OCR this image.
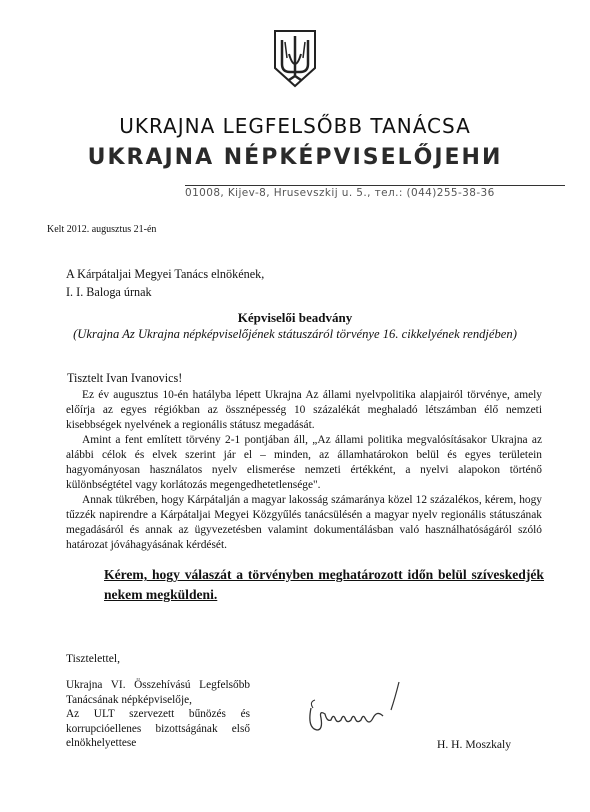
UKRAJNA LEGFELSŐBB TANÁCSA
UKRAJNA NÉPKÉPVISELŐJEHИ
01008, Kijev-8, Hrusevszkij u. 5., тел.: (044)255-38-36
Kelt 2012. augusztus 21-én
A Kárpátaljai Megyei Tanács elnökének,
I. I. Baloga úrnak
Képviselői beadvány
(Ukrajna Az Ukrajna népképviselőjének státuszáról törvénye 16. cikkelyének rendjében)
Tisztelt Ivan Ivanovics!

Ez év augusztus 10-én hatályba lépett Ukrajna Az állami nyelvpolitika alapjairól törvénye, amely előírja az egyes régiókban az össznépesség 10 százalékát meghaladó létszámban élő nemzeti kisebbségek nyelvének a regionális státusz megadását.

Amint a fent említett törvény 2-1 pontjában áll, „Az állami politika megvalósításakor Ukrajna az alábbi célok és elvek szerint jár el – minden, az államhatárokon belül és egyes területein hagyományosan használatos nyelv elismerése nemzeti értékként, a nyelvi alapokon történő különbségtétel vagy korlátozás megengedhetetlensége".

Annak tükrében, hogy Kárpátalján a magyar lakosság számaránya közel 12 százalékos, kérem, hogy tűzzék napirendre a Kárpátaljai Megyei Közgyűlés tanácsülésén a magyar nyelv regionális státuszának megadásáról és annak az ügyvezetésben valamint dokumentálásban való használhatóságáról szóló határozat jóváhagyásának kérdését.

Kérem, hogy válaszát a törvényben meghatározott időn belül szíveskedjék
nekem megküldeni.
Tisztelettel,
Ukrajna VI. Összehívású Legfelsőbb
Tanácsának népképviselője,
Az ULT szervezett bűnözés és
korrupcióellenes bizottságának első
elnökhelyettese	H. H. Moszkaly
